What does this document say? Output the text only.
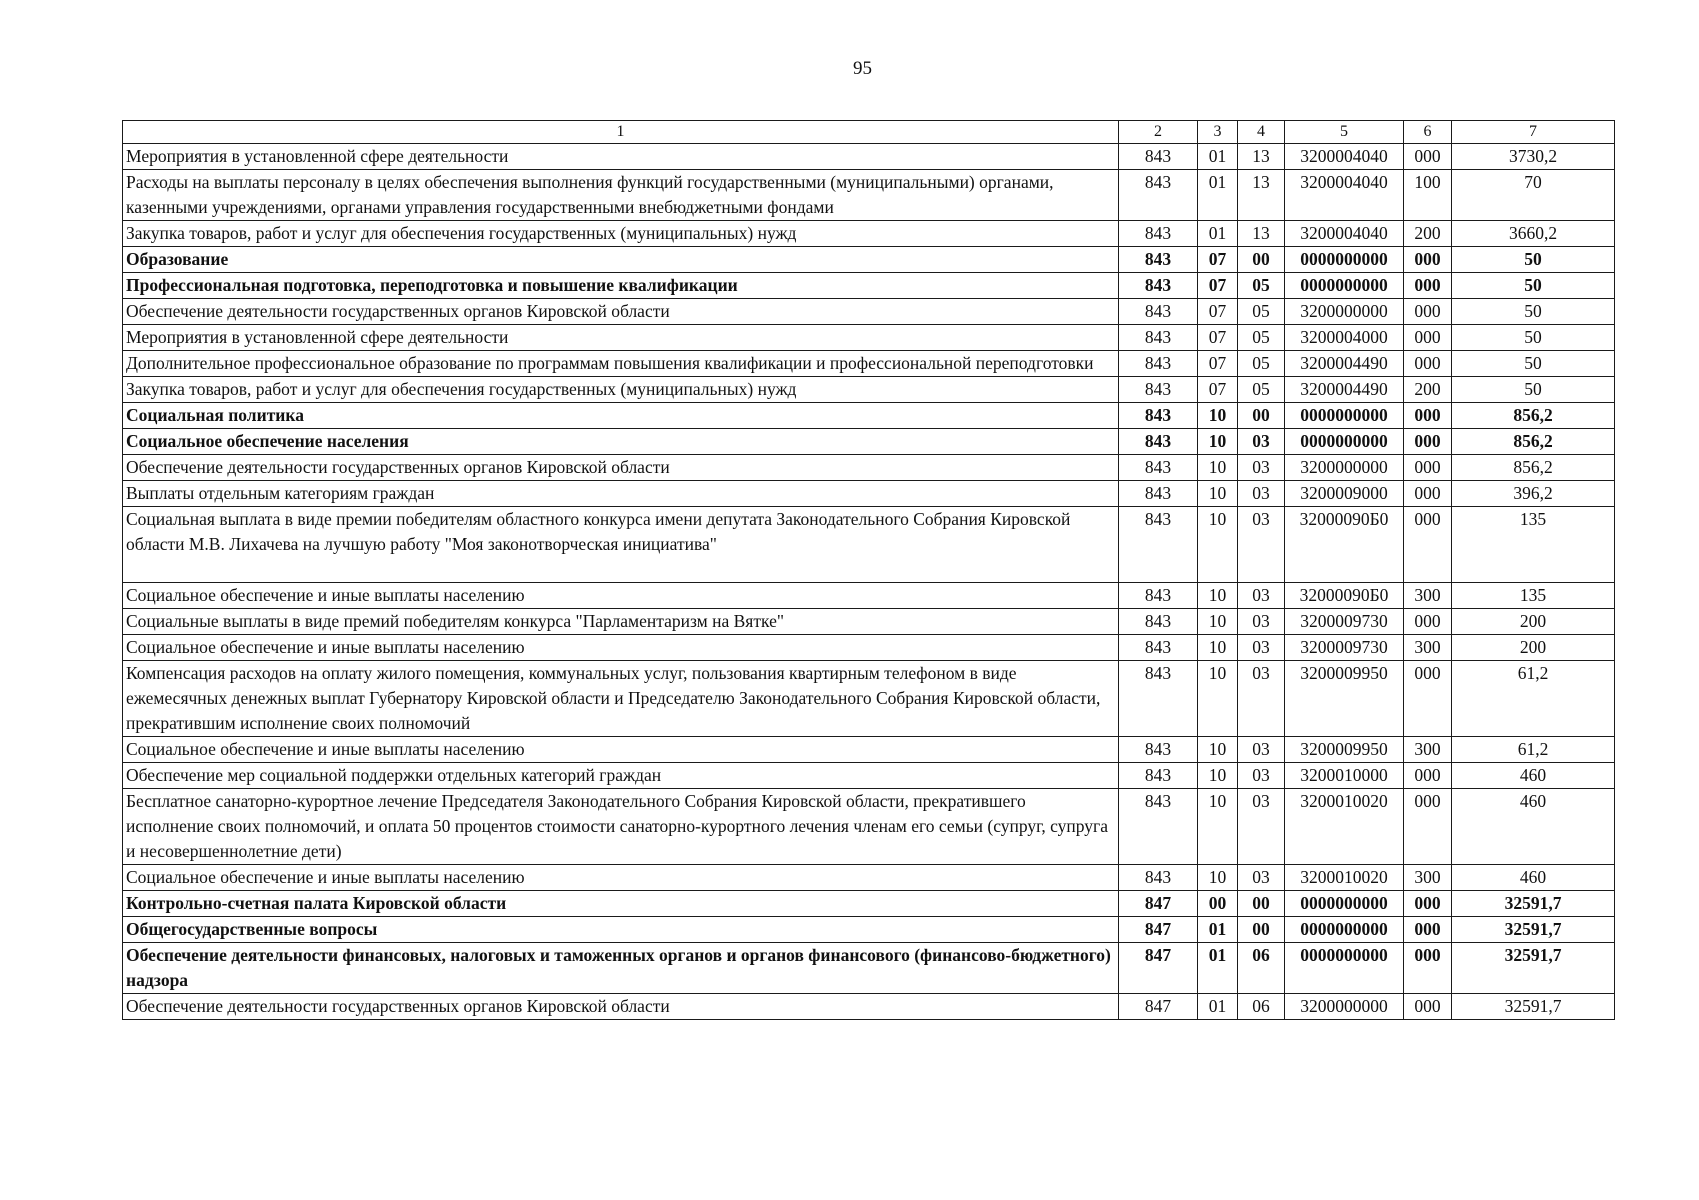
95
1	2	3	4	5	6	7
Мероприятия в установленной сфере деятельности	843	01	13	3200004040	000	3730,2
Расходы на выплаты персоналу в целях обеспечения выполнения функций государственными (муниципальными) органами, казенными учреждениями, органами управления государственными внебюджетными фондами	843	01	13	3200004040	100	70
Закупка товаров, работ и услуг для обеспечения государственных (муниципальных) нужд	843	01	13	3200004040	200	3660,2
Образование	843	07	00	0000000000	000	50
Профессиональная подготовка, переподготовка и повышение квалификации	843	07	05	0000000000	000	50
Обеспечение деятельности государственных органов Кировской области	843	07	05	3200000000	000	50
Мероприятия в установленной сфере деятельности	843	07	05	3200004000	000	50
Дополнительное профессиональное образование по программам повышения квалификации и профессиональной переподготовки	843	07	05	3200004490	000	50
Закупка товаров, работ и услуг для обеспечения государственных (муниципальных) нужд	843	07	05	3200004490	200	50
Социальная политика	843	10	00	0000000000	000	856,2
Социальное обеспечение населения	843	10	03	0000000000	000	856,2
Обеспечение деятельности государственных органов Кировской области	843	10	03	3200000000	000	856,2
Выплаты отдельным категориям граждан	843	10	03	3200009000	000	396,2
Социальная выплата в виде премии победителям областного конкурса имени депутата Законодательного Собрания Кировской области М.В. Лихачева на лучшую работу "Моя законотворческая инициатива"	843	10	03	32000090Б0	000	135
Социальное обеспечение и иные выплаты населению	843	10	03	32000090Б0	300	135
Социальные выплаты в виде премий победителям конкурса "Парламентаризм на Вятке"	843	10	03	3200009730	000	200
Социальное обеспечение и иные выплаты населению	843	10	03	3200009730	300	200
Компенсация расходов на оплату жилого помещения, коммунальных услуг, пользования квартирным телефоном в виде ежемесячных денежных выплат Губернатору Кировской области и Председателю Законодательного Собрания Кировской области, прекратившим исполнение своих полномочий	843	10	03	3200009950	000	61,2
Социальное обеспечение и иные выплаты населению	843	10	03	3200009950	300	61,2
Обеспечение мер социальной поддержки отдельных категорий граждан	843	10	03	3200010000	000	460
Бесплатное санаторно-курортное лечение Председателя Законодательного Собрания Кировской области, прекратившего исполнение своих полномочий, и оплата 50 процентов стоимости санаторно-курортного лечения членам его семьи (супруг, супруга и несовершеннолетние дети)	843	10	03	3200010020	000	460
Социальное обеспечение и иные выплаты населению	843	10	03	3200010020	300	460
Контрольно-счетная палата Кировской области	847	00	00	0000000000	000	32591,7
Общегосударственные вопросы	847	01	00	0000000000	000	32591,7
Обеспечение деятельности финансовых, налоговых и таможенных органов и органов финансового (финансово-бюджетного) надзора	847	01	06	0000000000	000	32591,7
Обеспечение деятельности государственных органов Кировской области	847	01	06	3200000000	000	32591,7
